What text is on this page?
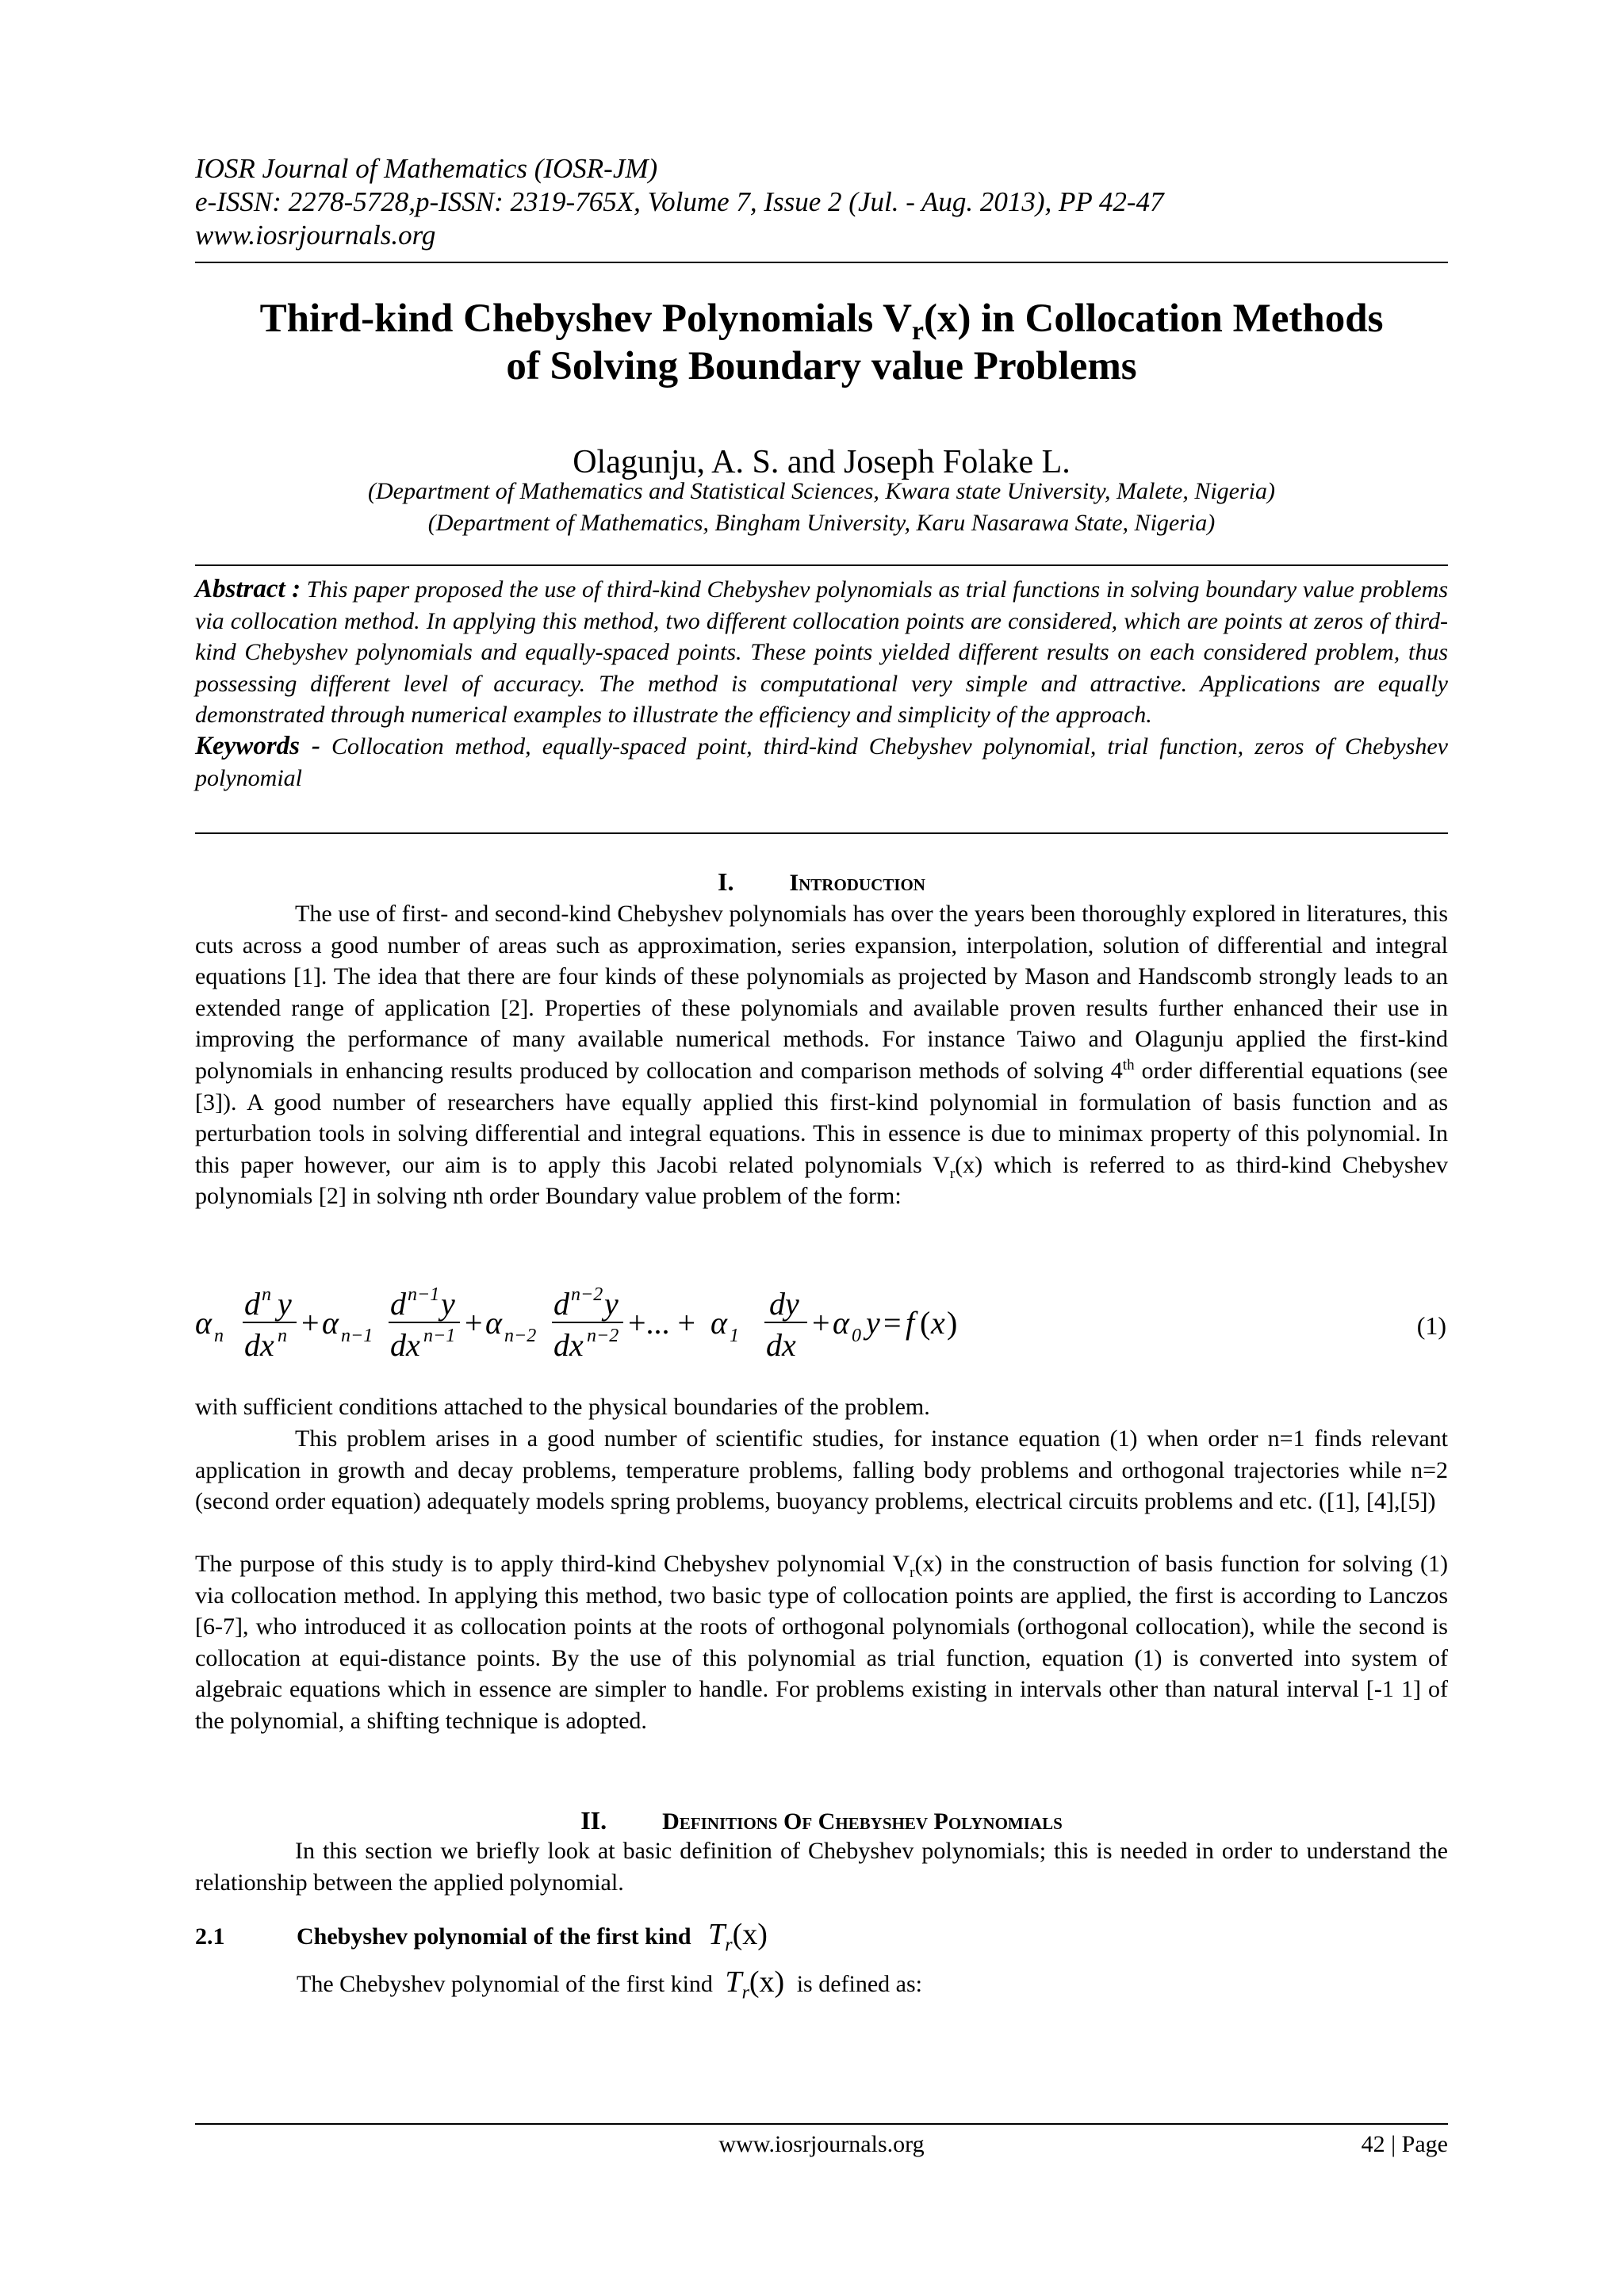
IOSR Journal of Mathematics (IOSR-JM)
e-ISSN: 2278-5728,p-ISSN: 2319-765X, Volume 7, Issue 2 (Jul. - Aug. 2013), PP 42-47
www.iosrjournals.org
Third-kind Chebyshev Polynomials $V_r(x)$ in Collocation Methods
of Solving Boundary value Problems
Olagunju, A. S. and Joseph Folake L.
(Department of Mathematics and Statistical Sciences, Kwara state University, Malete, Nigeria)
(Department of Mathematics, Bingham University, Karu Nasarawa State, Nigeria)
Abstract : This paper proposed the use of third-kind Chebyshev polynomials as trial functions in solving boundary value problems via collocation method. In applying this method, two different collocation points are considered, which are points at zeros of third-kind Chebyshev polynomials and equally-spaced points. These points yielded different results on each considered problem, thus possessing different level of accuracy. The method is computational very simple and attractive. Applications are equally demonstrated through numerical examples to illustrate the efficiency and simplicity of the approach.
Keywords - Collocation method, equally-spaced point, third-kind Chebyshev polynomial, trial function, zeros of Chebyshev polynomial
I. Introduction
The use of first- and second-kind Chebyshev polynomials has over the years been thoroughly explored in literatures, this cuts across a good number of areas such as approximation, series expansion, interpolation, solution of differential and integral equations [1]. The idea that there are four kinds of these polynomials as projected by Mason and Handscomb strongly leads to an extended range of application [2]. Properties of these polynomials and available proven results further enhanced their use in improving the performance of many available numerical methods. For instance Taiwo and Olagunju applied the first-kind polynomials in enhancing results produced by collocation and comparison methods of solving 4th order differential equations (see [3]). A good number of researchers have equally applied this first-kind polynomial in formulation of basis function and as perturbation tools in solving differential and integral equations. This in essence is due to minimax property of this polynomial. In this paper however, our aim is to apply this Jacobi related polynomials $V_r(x)$ which is referred to as third-kind Chebyshev polynomials [2] in solving nth order Boundary value problem of the form:
α n
d n y
dx n + α n−1
d n−1 y
dx n−1 + α n−2
d n−2 y
dx n−2 +... + α 1
dy
dx
+ α 0 y = f ( x )	(1)
with sufficient conditions attached to the physical boundaries of the problem.
This problem arises in a good number of scientific studies, for instance equation (1) when order n=1 finds relevant application in growth and decay problems, temperature problems, falling body problems and orthogonal trajectories while n=2 (second order equation) adequately models spring problems, buoyancy problems, electrical circuits problems and etc. ([1], [4],[5])
The purpose of this study is to apply third-kind Chebyshev polynomial $V_r(x)$ in the construction of basis function for solving (1) via collocation method. In applying this method, two basic type of collocation points are applied, the first is according to Lanczos [6-7], who introduced it as collocation points at the roots of orthogonal polynomials (orthogonal collocation), while the second is collocation at equi-distance points. By the use of this polynomial as trial function, equation (1) is converted into system of algebraic equations which in essence are simpler to handle. For problems existing in intervals other than natural interval [-1 1] of the polynomial, a shifting technique is adopted.
II. Definitions Of Chebyshev Polynomials
In this section we briefly look at basic definition of Chebyshev polynomials; this is needed in order to understand the relationship between the applied polynomial.
2.1	Chebyshev polynomial of the first kind $T_r(x)$
The Chebyshev polynomial of the first kind $T_r(x)$ is defined as:
www.iosrjournals.org	42 | Page
